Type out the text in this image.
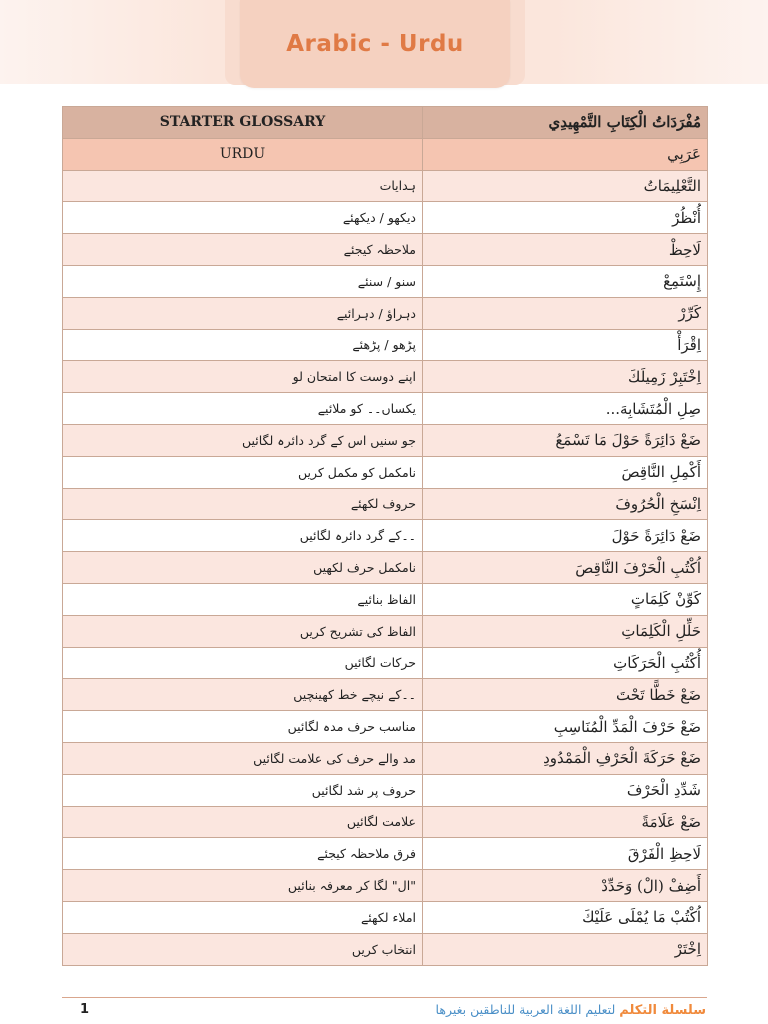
Arabic - Urdu
STARTER GLOSSARY	مُفْرَدَاتُ الْكِتَابِ التَّمْهِيدِي
URDU	عَرَبِي
ہدایات	التَّعْلِيمَاتُ
دیکھو / دیکھئے	أُنْظُرْ
ملاحظہ کیجئے	لَاحِظْ
سنو / سنئے	إِسْتَمِعْ
دہراؤ / دہرائیے	كَرِّرْ
پڑھو / پڑھئے	اِقْرَأْ
اپنے دوست کا امتحان لو	اِخْتَبِرْ زَمِيلَكَ
یکساں۔۔ کو ملائیے	صِلِ الْمُتَشَابِهَ...
جو سنیں اس کے گرد دائرہ لگائیں	ضَعْ دَائِرَةً حَوْلَ مَا تَسْمَعُ
نامکمل کو مکمل کریں	أَكْمِلِ النَّاقِصَ
حروف لکھئے	اِنْسَخِ الْحُرُوفَ
۔۔کے گرد دائرہ لگائیں	ضَعْ دَائِرَةً حَوْلَ
نامکمل حرف لکھیں	اُكْتُبِ الْحَرْفَ النَّاقِصَ
الفاظ بنائیے	كَوِّنْ كَلِمَاتٍ
الفاظ کی تشریح کریں	حَلِّلِ الْكَلِمَاتِ
حرکات لگائیں	أُكْتُبِ الْحَرَكَاتِ
۔۔کے نیچے خط کھینچیں	ضَعْ خَطًّا تَحْتَ
مناسب حرف مدہ لگائیں	ضَعْ حَرْفَ الْمَدِّ الْمُنَاسِبِ
مد والے حرف کی علامت لگائیں	ضَعْ حَرَكَةَ الْحَرْفِ الْمَمْدُودِ
حروف پر شد لگائیں	شَدِّدِ الْحَرْفَ
علامت لگائیں	ضَعْ عَلَامَةً
فرق ملاحظہ کیجئے	لَاحِظِ الْفَرْقَ
"ال" لگا کر معرفہ بنائیں	أَضِفْ (الْ) وَحَدِّدْ
املاء لکھئے	اُكْتُبْ مَا يُمْلَى عَلَيْكَ
انتخاب کریں	اِخْتَرْ
1	سلسلة التكلم لتعليم اللغة العربية للناطقين بغيرها
